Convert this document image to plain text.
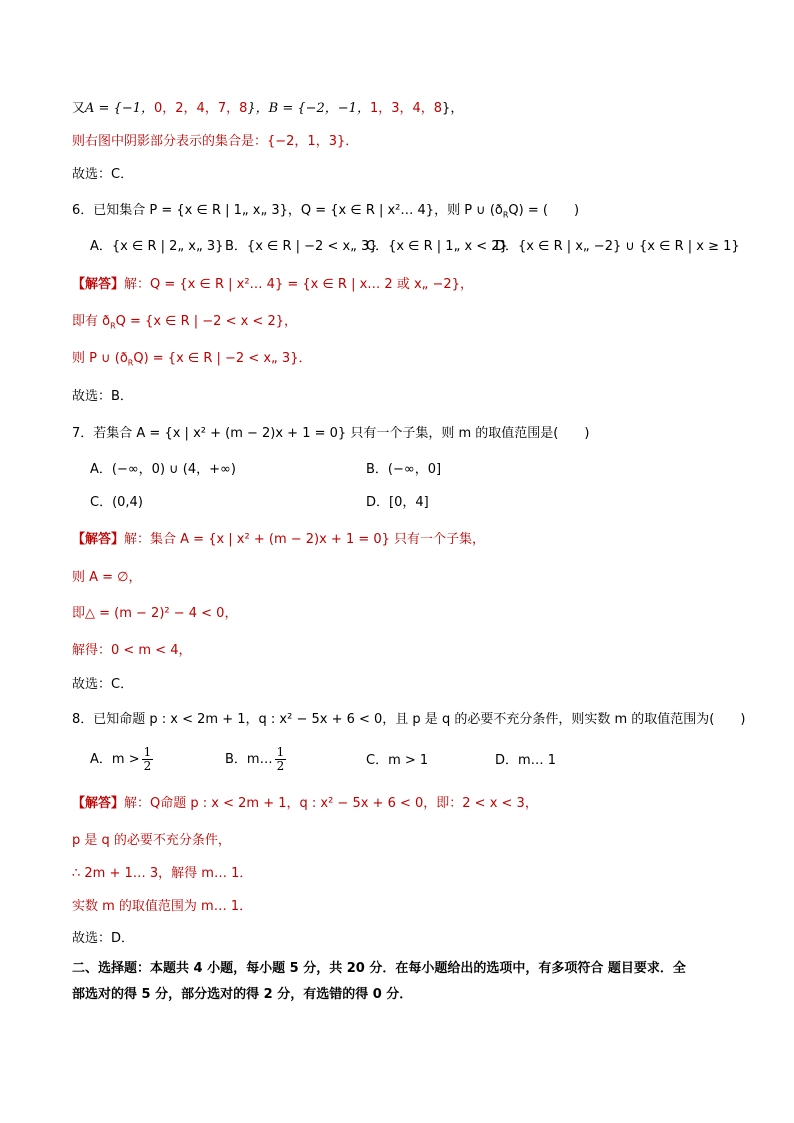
又A = {−1，0，2，4，7，8}，B = {−2，−1，1，3，4，8}，
则右图中阴影部分表示的集合是：{−2，1，3}．
故选：C．
6．已知集合 P = {x ∈ R | 1„ x„ 3}，Q = {x ∈ R | x²… 4}，则 P ∪ $(ð_RQ)$ = (　　)
A．{x ∈ R | 2„ x„ 3} B．{x ∈ R | −2 < x„ 3}
C．{x ∈ R | 1„ x < 2}
D．{x ∈ R | x„ −2} ∪ {x ∈ R | x ≥ 1}
【解答】解：Q = {x ∈ R | x²… 4} = {x ∈ R | x… 2 或 x„ −2}，
即有 $ð_RQ = \{x$ ∈ R | −2 < x < 2}，
则 P ∪ $(ð_RQ) = \{x$ ∈ R | −2 < x„ 3}．
故选：B．
7．若集合 A = {x | x² + (m − 2)x + 1 = 0} 只有一个子集，则 m 的取值范围是(　　)
A．(−∞，0) ∪ (4，+∞)	B．(−∞，0]
C．(0,4)	D．[0，4]
【解答】解：集合 A = {x | x² + (m − 2)x + 1 = 0} 只有一个子集，
则 A = ∅，
即△ = (m − 2)² − 4 < 0，
解得：0 < m < 4，
故选：C．
8．已知命题 p : x < 2m + 1，q : x² − 5x + 6 < 0，且 p 是 q 的必要不充分条件，则实数 m 的取值范围为(　　)
A．$m > \frac{1}{2}$	B．m… $\frac{1}{2}$	C．m > 1	D．m… 1
【解答】解：Q命题 p : x < 2m + 1，q : x² − 5x + 6 < 0，即：2 < x < 3，
p 是 q 的必要不充分条件，
∴ 2m + 1… 3，解得 m… 1．
实数 m 的取值范围为 m… 1．
故选：D．
二、选择题：本题共 4 小题，每小题 5 分，共 20 分．在每小题给出的选项中，有多项符合 题目要求．全
部选对的得 5 分，部分选对的得 2 分，有选错的得 0 分．
